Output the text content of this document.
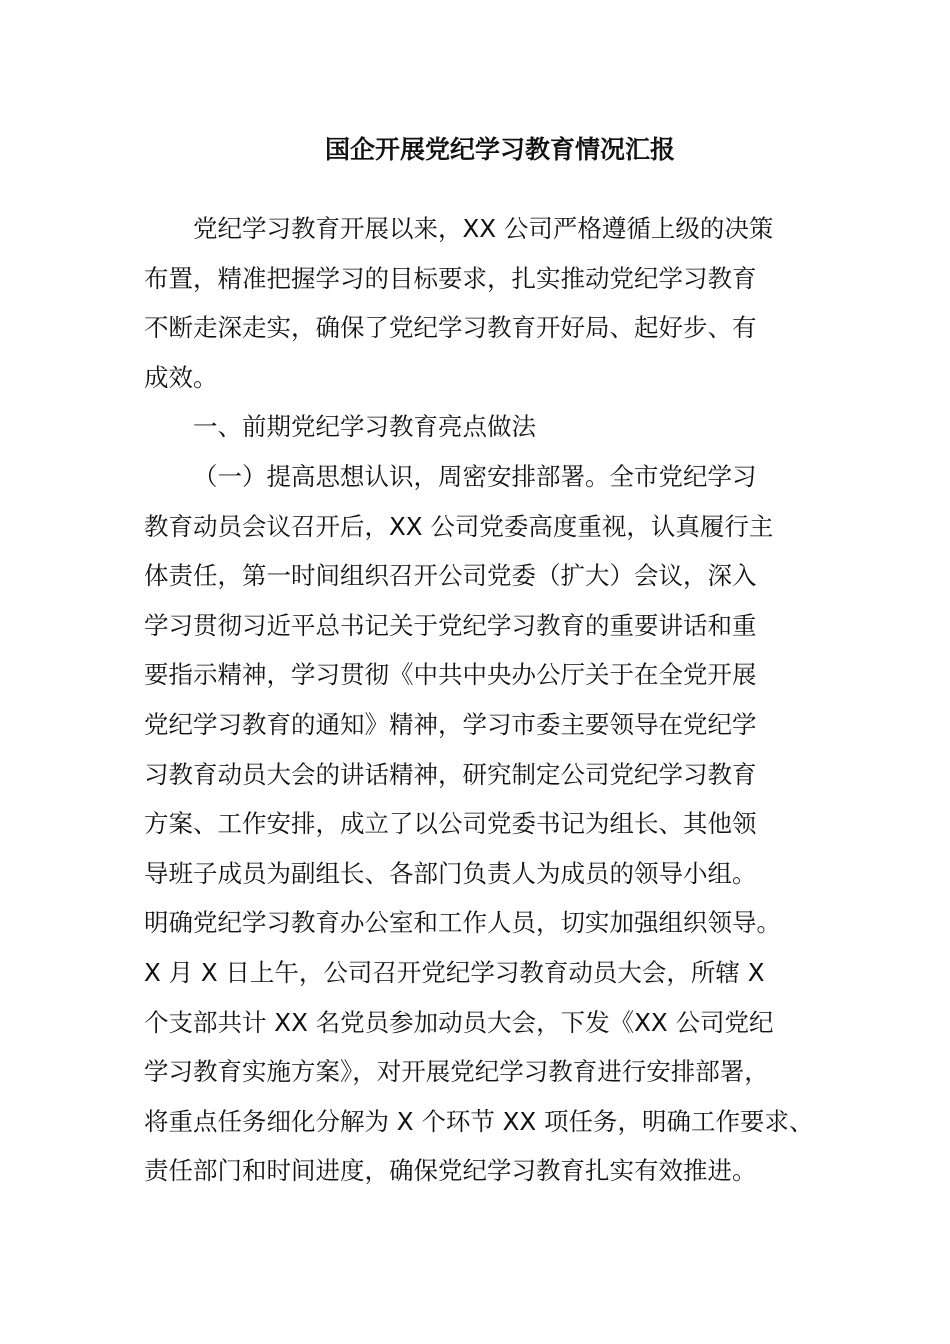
国企开展党纪学习教育情况汇报
党纪学习教育开展以来，XX 公司严格遵循上级的决策
布置，精准把握学习的目标要求，扎实推动党纪学习教育
不断走深走实，确保了党纪学习教育开好局、起好步、有
成效。
一、前期党纪学习教育亮点做法
（一）提高思想认识，周密安排部署。全市党纪学习
教育动员会议召开后，XX 公司党委高度重视，认真履行主
体责任，第一时间组织召开公司党委（扩大）会议，深入
学习贯彻习近平总书记关于党纪学习教育的重要讲话和重
要指示精神，学习贯彻《中共中央办公厅关于在全党开展
党纪学习教育的通知》精神，学习市委主要领导在党纪学
习教育动员大会的讲话精神，研究制定公司党纪学习教育
方案、工作安排，成立了以公司党委书记为组长、其他领
导班子成员为副组长、各部门负责人为成员的领导小组。
明确党纪学习教育办公室和工作人员，切实加强组织领导。
X 月 X 日上午，公司召开党纪学习教育动员大会，所辖 X
个支部共计 XX 名党员参加动员大会，下发《XX 公司党纪
学习教育实施方案》，对开展党纪学习教育进行安排部署，
将重点任务细化分解为 X 个环节 XX 项任务，明确工作要求、
责任部门和时间进度，确保党纪学习教育扎实有效推进。
